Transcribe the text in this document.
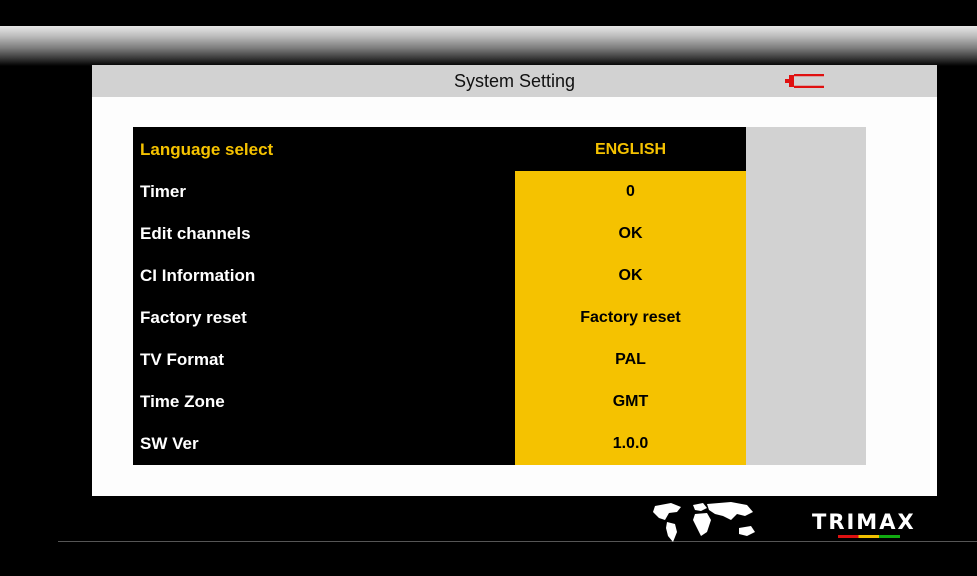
System Setting
Language select	ENGLISH
Timer	0
Edit channels	OK
CI Information	OK
Factory reset	Factory reset
TV Format	PAL
Time Zone	GMT
SW Ver	1.0.0
TRIMAX
